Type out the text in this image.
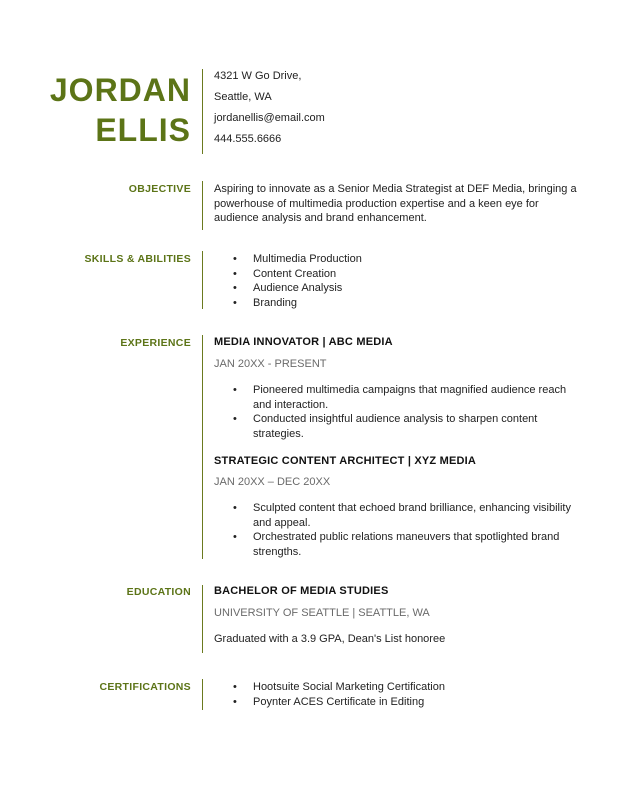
JORDAN
ELLIS
4321 W Go Drive,
Seattle, WA
jordanellis@email.com
444.555.6666
OBJECTIVE Aspiring to innovate as a Senior Media Strategist at DEF Media, bringing a
powerhouse of multimedia production expertise and a keen eye for
audience analysis and brand enhancement.
SKILLS & ABILITIES	• Multimedia Production
• Content Creation
• Audience Analysis
• Branding
EXPERIENCE MEDIA INNOVATOR | ABC MEDIA
JAN 20XX - PRESENT
• Pioneered multimedia campaigns that magnified audience reach
and interaction.
• Conducted insightful audience analysis to sharpen content
strategies.
STRATEGIC CONTENT ARCHITECT | XYZ MEDIA
JAN 20XX – DEC 20XX
• Sculpted content that echoed brand brilliance, enhancing visibility
and appeal.
• Orchestrated public relations maneuvers that spotlighted brand
strengths.
EDUCATION BACHELOR OF MEDIA STUDIES
UNIVERSITY OF SEATTLE | SEATTLE, WA
Graduated with a 3.9 GPA, Dean's List honoree
CERTIFICATIONS	• Hootsuite Social Marketing Certification
• Poynter ACES Certificate in Editing
